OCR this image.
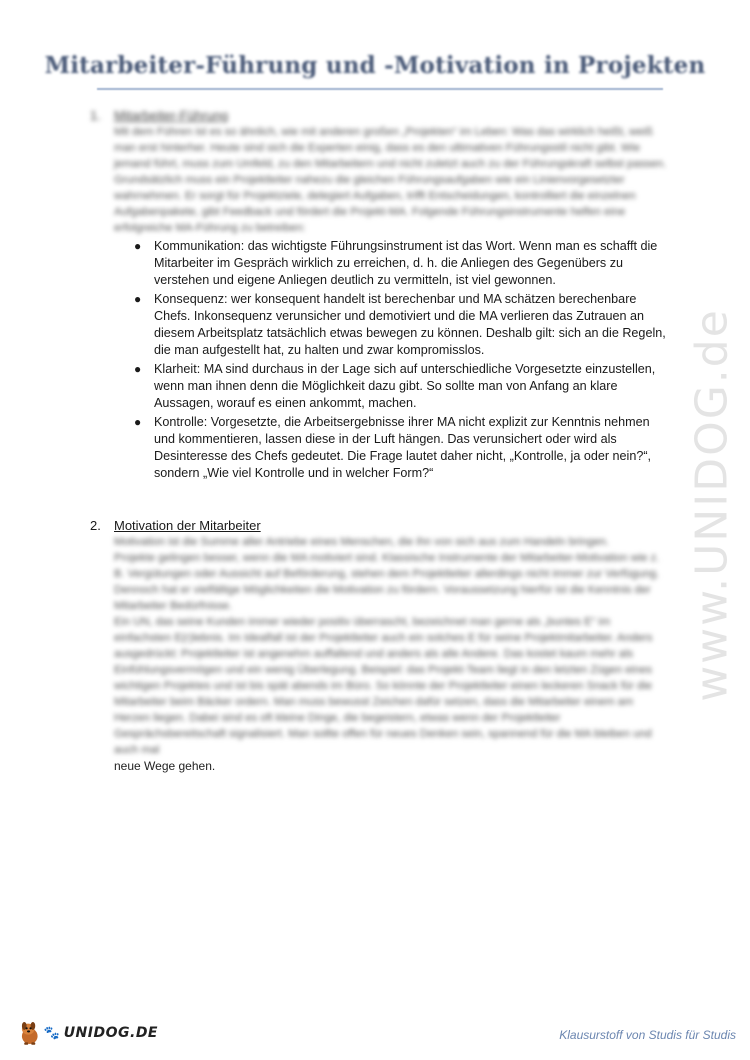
Mitarbeiter-Führung und -Motivation in Projekten
1.	Mitarbeiter-Führung
Mit dem Führen ist es so ähnlich, wie mit anderen großen „Projekten“ im Leben: Was das wirklich heißt, weiß man erst hinterher. Heute sind sich die Experten einig, dass es den ultimativen Führungsstil nicht gibt. Wie jemand führt, muss zum Umfeld, zu den Mitarbeitern und nicht zuletzt auch zu der Führungskraft selbst passen.
Grundsätzlich muss ein Projektleiter nahezu die gleichen Führungsaufgaben wie ein Linienvorgesetzter wahrnehmen. Er sorgt für Projektziele, delegiert Aufgaben, trifft Entscheidungen, kontrolliert die einzelnen Aufgabenpakete, gibt Feedback und fördert die Projekt-MA. Folgende Führungsinstrumente helfen eine erfolgreiche MA-Führung zu betreiben:
● Kommunikation: das wichtigste Führungsinstrument ist das Wort. Wenn man es schafft die Mitarbeiter im Gespräch wirklich zu erreichen, d. h. die Anliegen des Gegenübers zu verstehen und eigene Anliegen deutlich zu vermitteln, ist viel gewonnen.
● Konsequenz: wer konsequent handelt ist berechenbar und MA schätzen berechenbare Chefs. Inkonsequenz verunsicher und demotiviert und die MA verlieren das Zutrauen an diesem Arbeitsplatz tatsächlich etwas bewegen zu können. Deshalb gilt: sich an die Regeln, die man aufgestellt hat, zu halten und zwar kompromisslos.
● Klarheit: MA sind durchaus in der Lage sich auf unterschiedliche Vorgesetzte einzustellen, wenn man ihnen denn die Möglichkeit dazu gibt. So sollte man von Anfang an klare Aussagen, worauf es einen ankommt, machen.
● Kontrolle: Vorgesetzte, die Arbeitsergebnisse ihrer MA nicht explizit zur Kenntnis nehmen und kommentieren, lassen diese in der Luft hängen. Das verunsichert oder wird als Desinteresse des Chefs gedeutet. Die Frage lautet daher nicht, „Kontrolle, ja oder nein?“, sondern „Wie viel Kontrolle und in welcher Form?“
2.	Motivation der Mitarbeiter
Motivation ist die Summe aller Antriebe eines Menschen, die ihn von sich aus zum Handeln bringen.
Projekte gelingen besser, wenn die MA motiviert sind. Klassische Instrumente der Mitarbeiter-Motivation wie z. B. Vergütungen oder Aussicht auf Beförderung, stehen dem Projektleiter allerdings nicht immer zur Verfügung. Dennoch hat er vielfältige Möglichkeiten die Motivation zu fördern. Voraussetzung hierfür ist die Kenntnis der Mitarbeiter Bedürfnisse.
Ein UN, das seine Kunden immer wieder positiv überrascht, bezeichnet man gerne als „buntes E“ im einfachsten E(r)lebnis. Im Idealfall ist der Projektleiter auch ein solches E für seine Projektmitarbeiter. Anders ausgedrückt: Projektleiter ist angenehm auffallend und anders als alle Andere. Das kostet kaum mehr als Einfühlungsvermögen und ein wenig Überlegung. Beispiel: das Projekt-Team liegt in den letzten Zügen eines wichtigen Projektes und ist bis spät abends im Büro. So könnte der Projektleiter einen leckeren Snack für die Mitarbeiter beim Bäcker ordern. Man muss bewusst Zeichen dafür setzen, dass die Mitarbeiter einem am Herzen liegen. Dabei sind es oft kleine Dinge, die begeistern, etwas wenn der Projektleiter Gesprächsbereitschaft signalisiert. Man sollte offen für neues Denken sein, spannend für die MA bleiben und auch mal
neue Wege gehen.
www.UNIDOG.de
🐾 UNIDOG.DE	Klausurstoff von Studis für Studis
